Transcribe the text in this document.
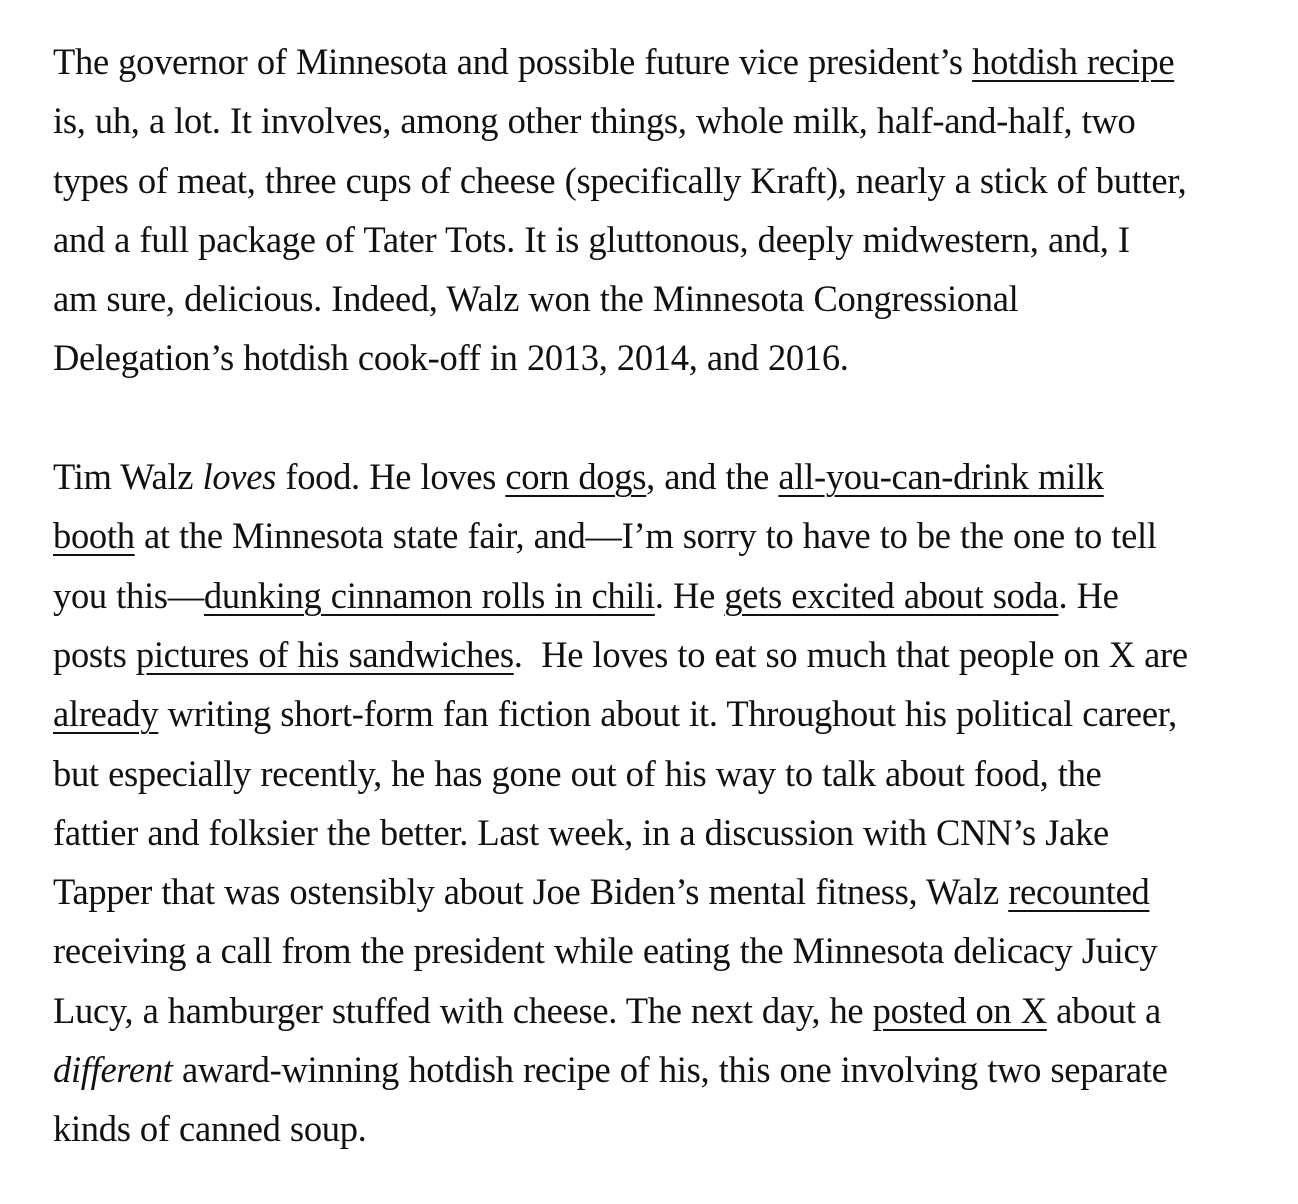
The governor of Minnesota and possible future vice president’s hotdish recipe
is, uh, a lot. It involves, among other things, whole milk, half-and-half, two
types of meat, three cups of cheese (specifically Kraft), nearly a stick of butter,
and a full package of Tater Tots. It is gluttonous, deeply midwestern, and, I
am sure, delicious. Indeed, Walz won the Minnesota Congressional
Delegation’s hotdish cook-off in 2013, 2014, and 2016.

Tim Walz loves food. He loves corn dogs, and the all-you-can-drink milk
booth at the Minnesota state fair, and—I’m sorry to have to be the one to tell
you this—dunking cinnamon rolls in chili. He gets excited about soda. He
posts pictures of his sandwiches.  He loves to eat so much that people on X are
already writing short-form fan fiction about it. Throughout his political career,
but especially recently, he has gone out of his way to talk about food, the
fattier and folksier the better. Last week, in a discussion with CNN’s Jake
Tapper that was ostensibly about Joe Biden’s mental fitness, Walz recounted
receiving a call from the president while eating the Minnesota delicacy Juicy
Lucy, a hamburger stuffed with cheese. The next day, he posted on X about a
different award-winning hotdish recipe of his, this one involving two separate
kinds of canned soup.
